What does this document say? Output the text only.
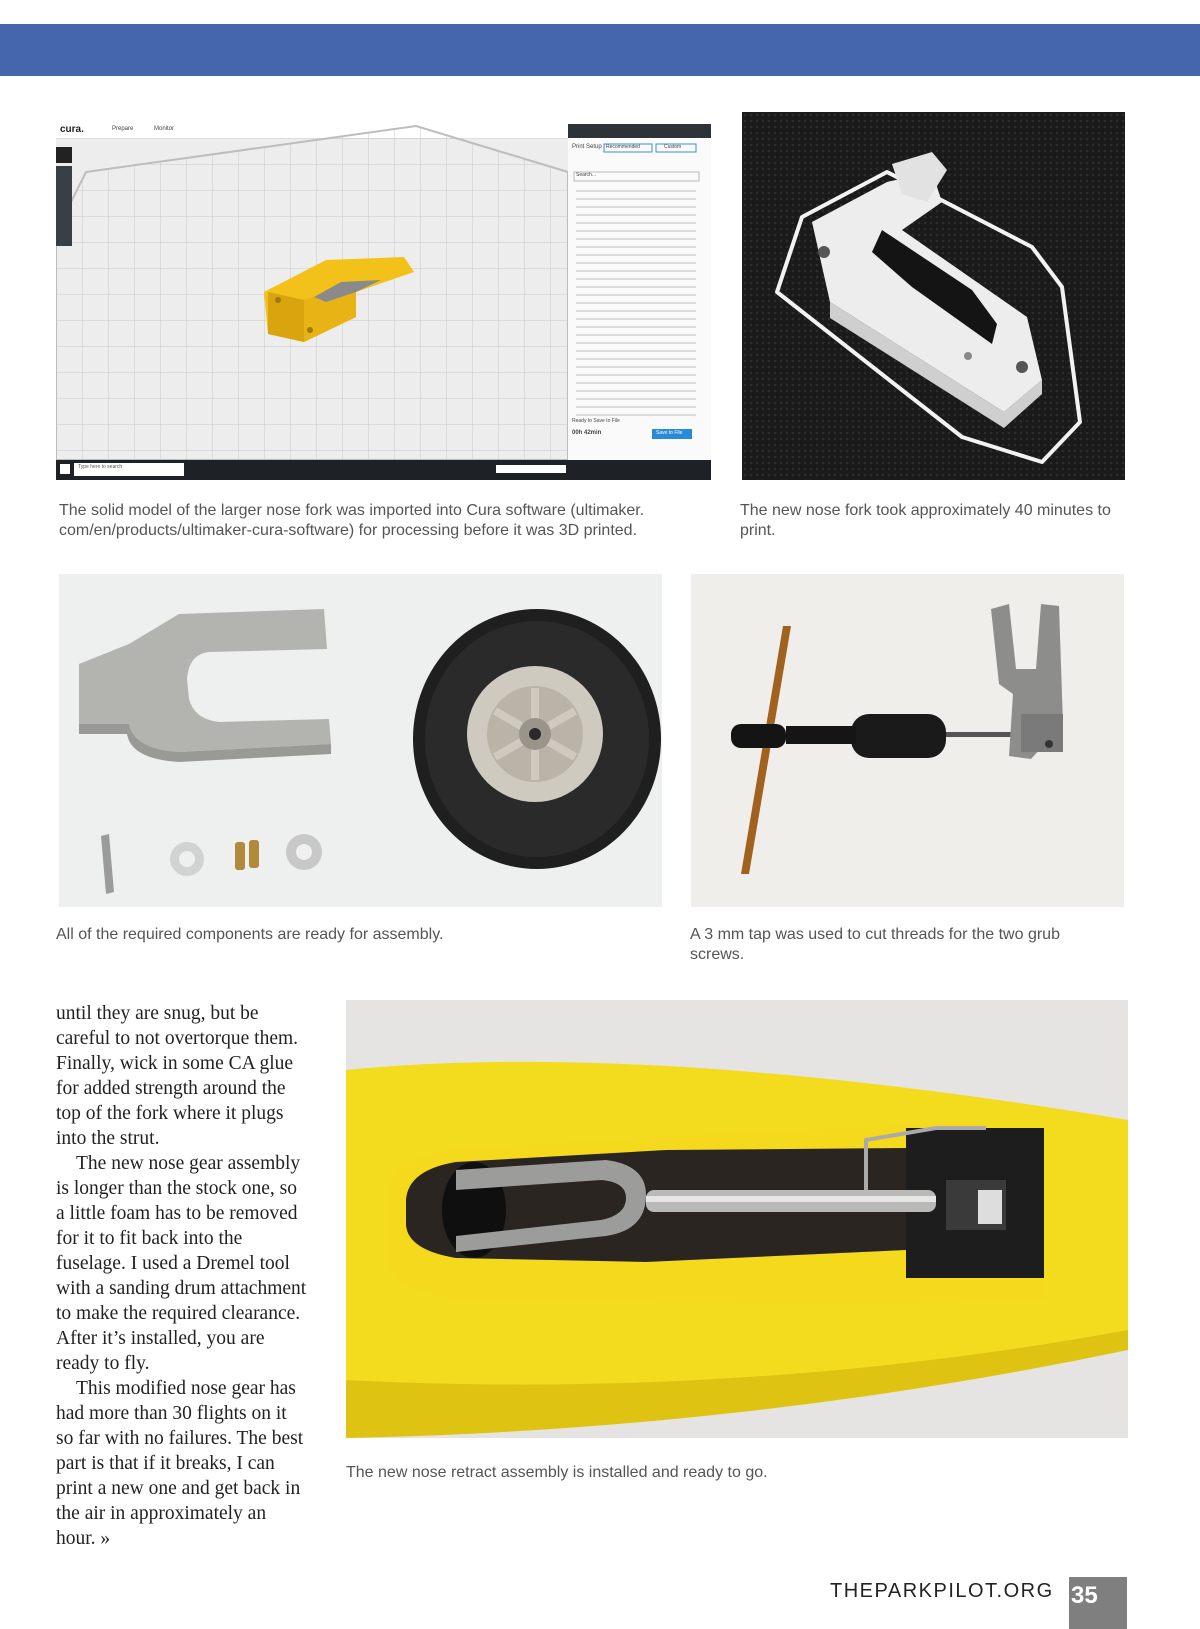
cura.	Prepare	Monitor
Print Setup Recommended	Custom
Search...
Ready to Save to File
00h 42min	Save to File
Type here to search
The solid model of the larger nose fork was imported into Cura software (ultimaker. com/en/products/ultimaker-cura-software) for processing before it was 3D printed.
The new nose fork took approximately 40 minutes to print.
All of the required components are ready for assembly.	A 3 mm tap was used to cut threads for the two grub screws.

until they are snug, but be careful to not overtorque them. Finally, wick in some CA glue for added strength around the top of the fork where it plugs into the strut.

The new nose gear assembly is longer than the stock one, so a little foam has to be removed for it to fit back into the fuselage. I used a Dremel tool with a sanding drum attachment to make the required clearance. After it’s installed, you are ready to fly.

This modified nose gear has had more than 30 flights on it so far with no failures. The best part is that if it breaks, I can print a new one and get back in the air in approximately an hour. »

The new nose retract assembly is installed and ready to go.
THEPARKPILOT.ORG 35
